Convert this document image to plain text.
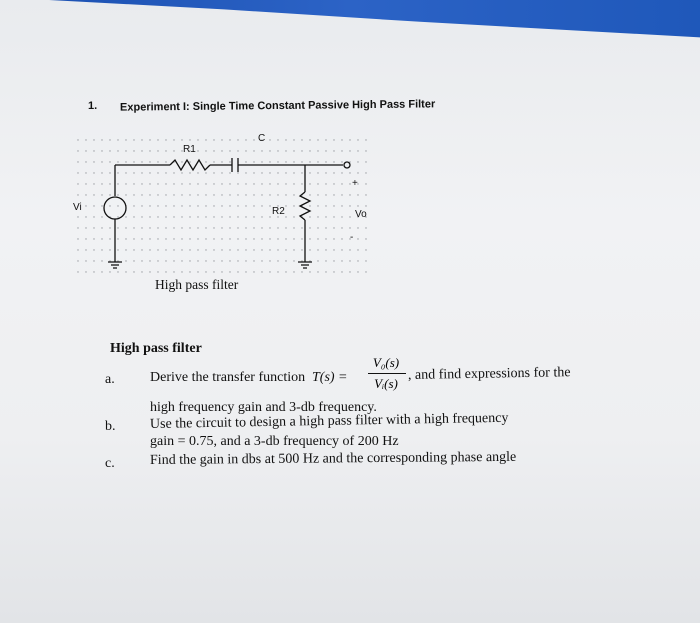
1. Experiment I: Single Time Constant Passive High Pass Filter
R1
C
Vi	R2	Vo
+
-
High pass filter
High pass filter
a.	Derive the transfer function T(s) =
V₀(s)
Vᵢ(s)
, and find expressions for the
high frequency gain and 3-db frequency.
b. Use the circuit to design a high pass filter with a high frequency
gain = 0.75, and a 3-db frequency of 200 Hz
c.	Find the gain in dbs at 500 Hz and the corresponding phase angle
